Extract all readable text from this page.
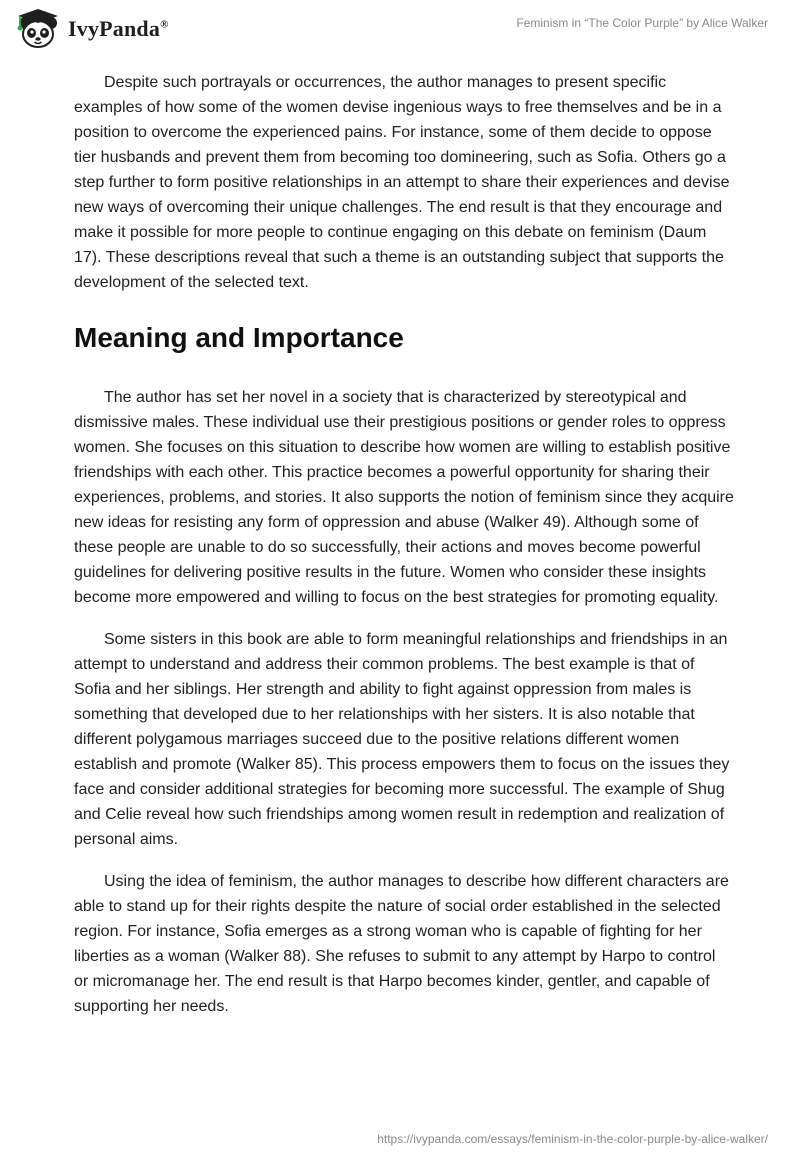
IvyPanda®	Feminism in “The Color Purple” by Alice Walker

Despite such portrayals or occurrences, the author manages to present specific examples of how some of the women devise ingenious ways to free themselves and be in a position to overcome the experienced pains. For instance, some of them decide to oppose tier husbands and prevent them from becoming too domineering, such as Sofia. Others go a step further to form positive relationships in an attempt to share their experiences and devise new ways of overcoming their unique challenges. The end result is that they encourage and make it possible for more people to continue engaging on this debate on feminism (Daum 17). These descriptions reveal that such a theme is an outstanding subject that supports the development of the selected text.

Meaning and Importance

The author has set her novel in a society that is characterized by stereotypical and dismissive males. These individual use their prestigious positions or gender roles to oppress women. She focuses on this situation to describe how women are willing to establish positive friendships with each other. This practice becomes a powerful opportunity for sharing their experiences, problems, and stories. It also supports the notion of feminism since they acquire new ideas for resisting any form of oppression and abuse (Walker 49). Although some of these people are unable to do so successfully, their actions and moves become powerful guidelines for delivering positive results in the future. Women who consider these insights become more empowered and willing to focus on the best strategies for promoting equality.

Some sisters in this book are able to form meaningful relationships and friendships in an attempt to understand and address their common problems. The best example is that of Sofia and her siblings. Her strength and ability to fight against oppression from males is something that developed due to her relationships with her sisters. It is also notable that different polygamous marriages succeed due to the positive relations different women establish and promote (Walker 85). This process empowers them to focus on the issues they face and consider additional strategies for becoming more successful. The example of Shug and Celie reveal how such friendships among women result in redemption and realization of personal aims.

Using the idea of feminism, the author manages to describe how different characters are able to stand up for their rights despite the nature of social order established in the selected region. For instance, Sofia emerges as a strong woman who is capable of fighting for her liberties as a woman (Walker 88). She refuses to submit to any attempt by Harpo to control or micromanage her. The end result is that Harpo becomes kinder, gentler, and capable of supporting her needs.

https://ivypanda.com/essays/feminism-in-the-color-purple-by-alice-walker/
